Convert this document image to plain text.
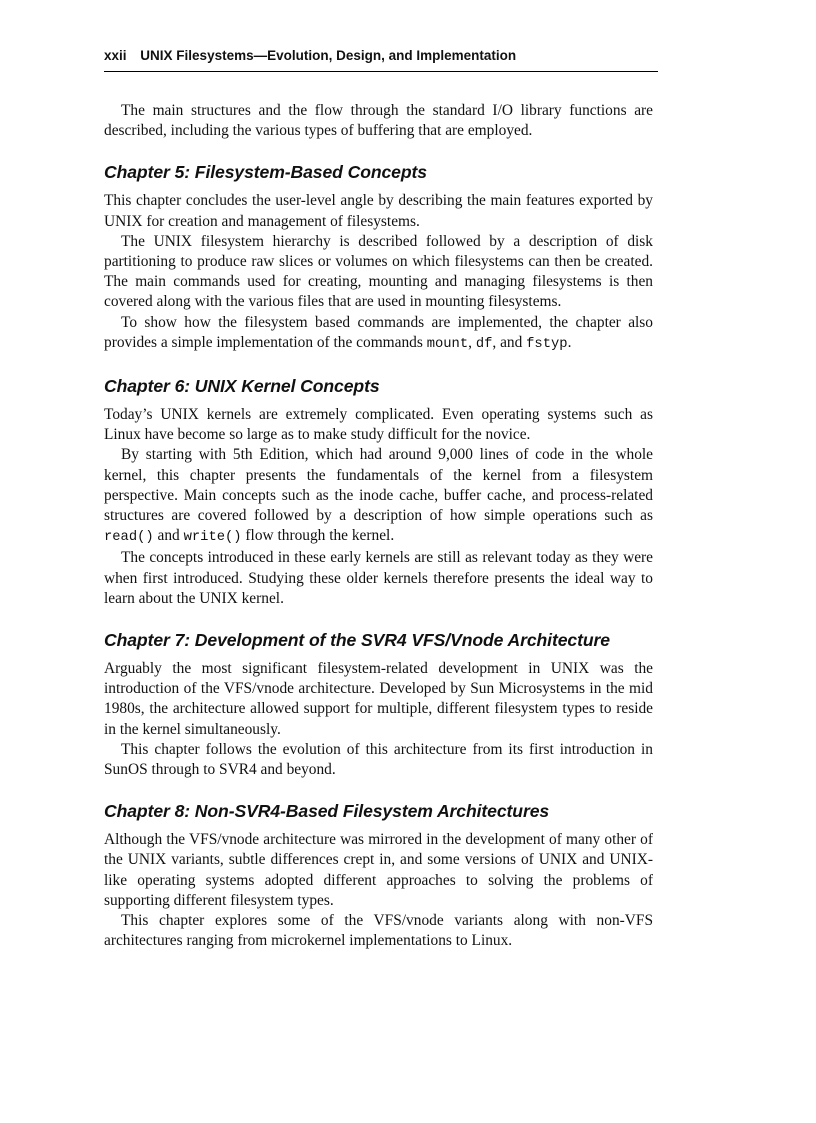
xxii UNIX Filesystems—Evolution, Design, and Implementation

The main structures and the flow through the standard I/O library functions are described, including the various types of buffering that are employed.

Chapter 5: Filesystem-Based Concepts

This chapter concludes the user-level angle by describing the main features exported by UNIX for creation and management of filesystems.

The UNIX filesystem hierarchy is described followed by a description of disk partitioning to produce raw slices or volumes on which filesystems can then be created. The main commands used for creating, mounting and managing filesystems is then covered along with the various files that are used in mounting filesystems.

To show how the filesystem based commands are implemented, the chapter also provides a simple implementation of the commands mount, df, and fstyp.

Chapter 6: UNIX Kernel Concepts

Today’s UNIX kernels are extremely complicated. Even operating systems such as Linux have become so large as to make study difficult for the novice.

By starting with 5th Edition, which had around 9,000 lines of code in the whole kernel, this chapter presents the fundamentals of the kernel from a filesystem perspective. Main concepts such as the inode cache, buffer cache, and process-related structures are covered followed by a description of how simple operations such as read() and write() flow through the kernel.

The concepts introduced in these early kernels are still as relevant today as they were when first introduced. Studying these older kernels therefore presents the ideal way to learn about the UNIX kernel.

Chapter 7: Development of the SVR4 VFS/Vnode Architecture

Arguably the most significant filesystem-related development in UNIX was the introduction of the VFS/vnode architecture. Developed by Sun Microsystems in the mid 1980s, the architecture allowed support for multiple, different filesystem types to reside in the kernel simultaneously.

This chapter follows the evolution of this architecture from its first introduction in SunOS through to SVR4 and beyond.

Chapter 8: Non-SVR4-Based Filesystem Architectures

Although the VFS/vnode architecture was mirrored in the development of many other of the UNIX variants, subtle differences crept in, and some versions of UNIX and UNIX-like operating systems adopted different approaches to solving the problems of supporting different filesystem types.

This chapter explores some of the VFS/vnode variants along with non-VFS architectures ranging from microkernel implementations to Linux.
